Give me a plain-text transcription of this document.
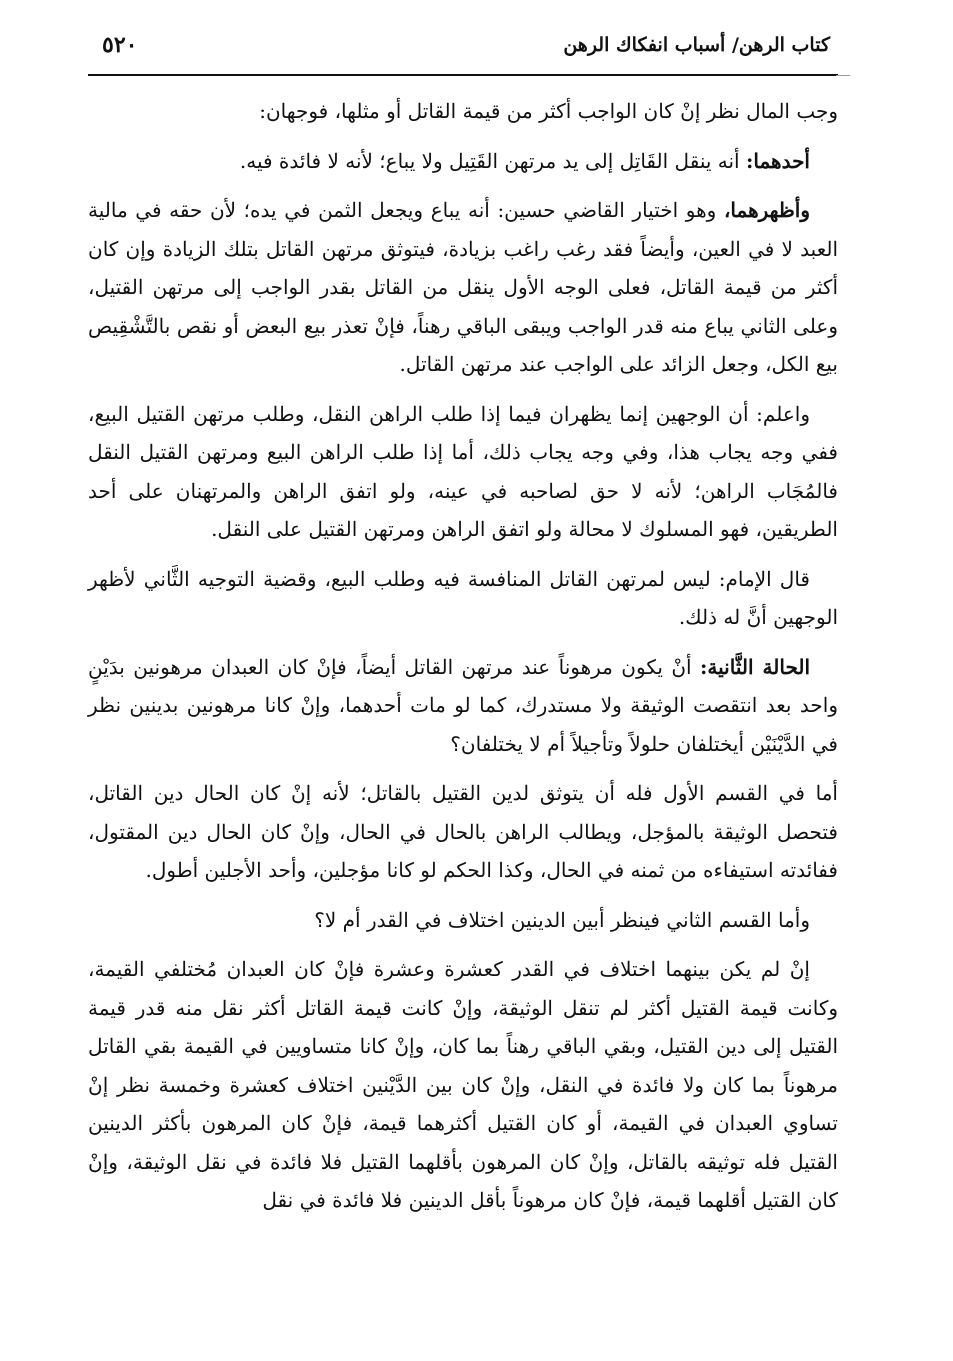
كتاب الرهن/ أسباب انفكاك الرهن
٥٢٠

وجب المال نظر إنْ كان الواجب أكثر من قيمة القاتل أو مثلها، فوجهان:

أحدهما: أنه ينقل القَاتِل إلى يد مرتهن القَتِيل ولا يباع؛ لأنه لا فائدة فيه.

وأظهرهما، وهو اختيار القاضي حسين: أنه يباع ويجعل الثمن في يده؛ لأن حقه في مالية العبد لا في العين، وأيضاً فقد رغب راغب بزيادة، فيتوثق مرتهن القاتل بتلك الزيادة وإن كان أكثر من قيمة القاتل، فعلى الوجه الأول ينقل من القاتل بقدر الواجب إلى مرتهن القتيل، وعلى الثاني يباع منه قدر الواجب ويبقى الباقي رهناً، فإنْ تعذر بيع البعض أو نقص بالتَّشْقِيص بيع الكل، وجعل الزائد على الواجب عند مرتهن القاتل.

واعلم: أن الوجهين إنما يظهران فيما إذا طلب الراهن النقل، وطلب مرتهن القتيل البيع، ففي وجه يجاب هذا، وفي وجه يجاب ذلك، أما إذا طلب الراهن البيع ومرتهن القتيل النقل فالمُجَاب الراهن؛ لأنه لا حق لصاحبه في عينه، ولو اتفق الراهن والمرتهنان على أحد الطريقين، فهو المسلوك لا محالة ولو اتفق الراهن ومرتهن القتيل على النقل.

قال الإمام: ليس لمرتهن القاتل المنافسة فيه وطلب البيع، وقضية التوجيه الثَّاني لأظهر الوجهين أنَّ له ذلك.

الحالة الثَّانية: أنْ يكون مرهوناً عند مرتهن القاتل أيضاً، فإنْ كان العبدان مرهونين بدَيْنٍ واحد بعد انتقصت الوثيقة ولا مستدرك، كما لو مات أحدهما، وإنْ كانا مرهونين بدينين نظر في الدَّيْنَيْن أيختلفان حلولاً وتأجيلاً أم لا يختلفان؟

أما في القسم الأول فله أن يتوثق لدين القتيل بالقاتل؛ لأنه إنْ كان الحال دين القاتل، فتحصل الوثيقة بالمؤجل، ويطالب الراهن بالحال في الحال، وإنْ كان الحال دين المقتول، ففائدته استيفاءه من ثمنه في الحال، وكذا الحكم لو كانا مؤجلين، وأحد الأجلين أطول.

وأما القسم الثاني فينظر أبين الدينين اختلاف في القدر أم لا؟

إنْ لم يكن بينهما اختلاف في القدر كعشرة وعشرة فإنْ كان العبدان مُختلفي القيمة، وكانت قيمة القتيل أكثر لم تنقل الوثيقة، وإنْ كانت قيمة القاتل أكثر نقل منه قدر قيمة القتيل إلى دين القتيل، وبقي الباقي رهناً بما كان، وإنْ كانا متساويين في القيمة بقي القاتل مرهوناً بما كان ولا فائدة في النقل، وإنْ كان بين الدَّيْنين اختلاف كعشرة وخمسة نظر إنْ تساوي العبدان في القيمة، أو كان القتيل أكثرهما قيمة، فإنْ كان المرهون بأكثر الدينين القتيل فله توثيقه بالقاتل، وإنْ كان المرهون بأقلهما القتيل فلا فائدة في نقل الوثيقة، وإنْ كان القتيل أقلهما قيمة، فإنْ كان مرهوناً بأقل الدينين فلا فائدة في نقل
